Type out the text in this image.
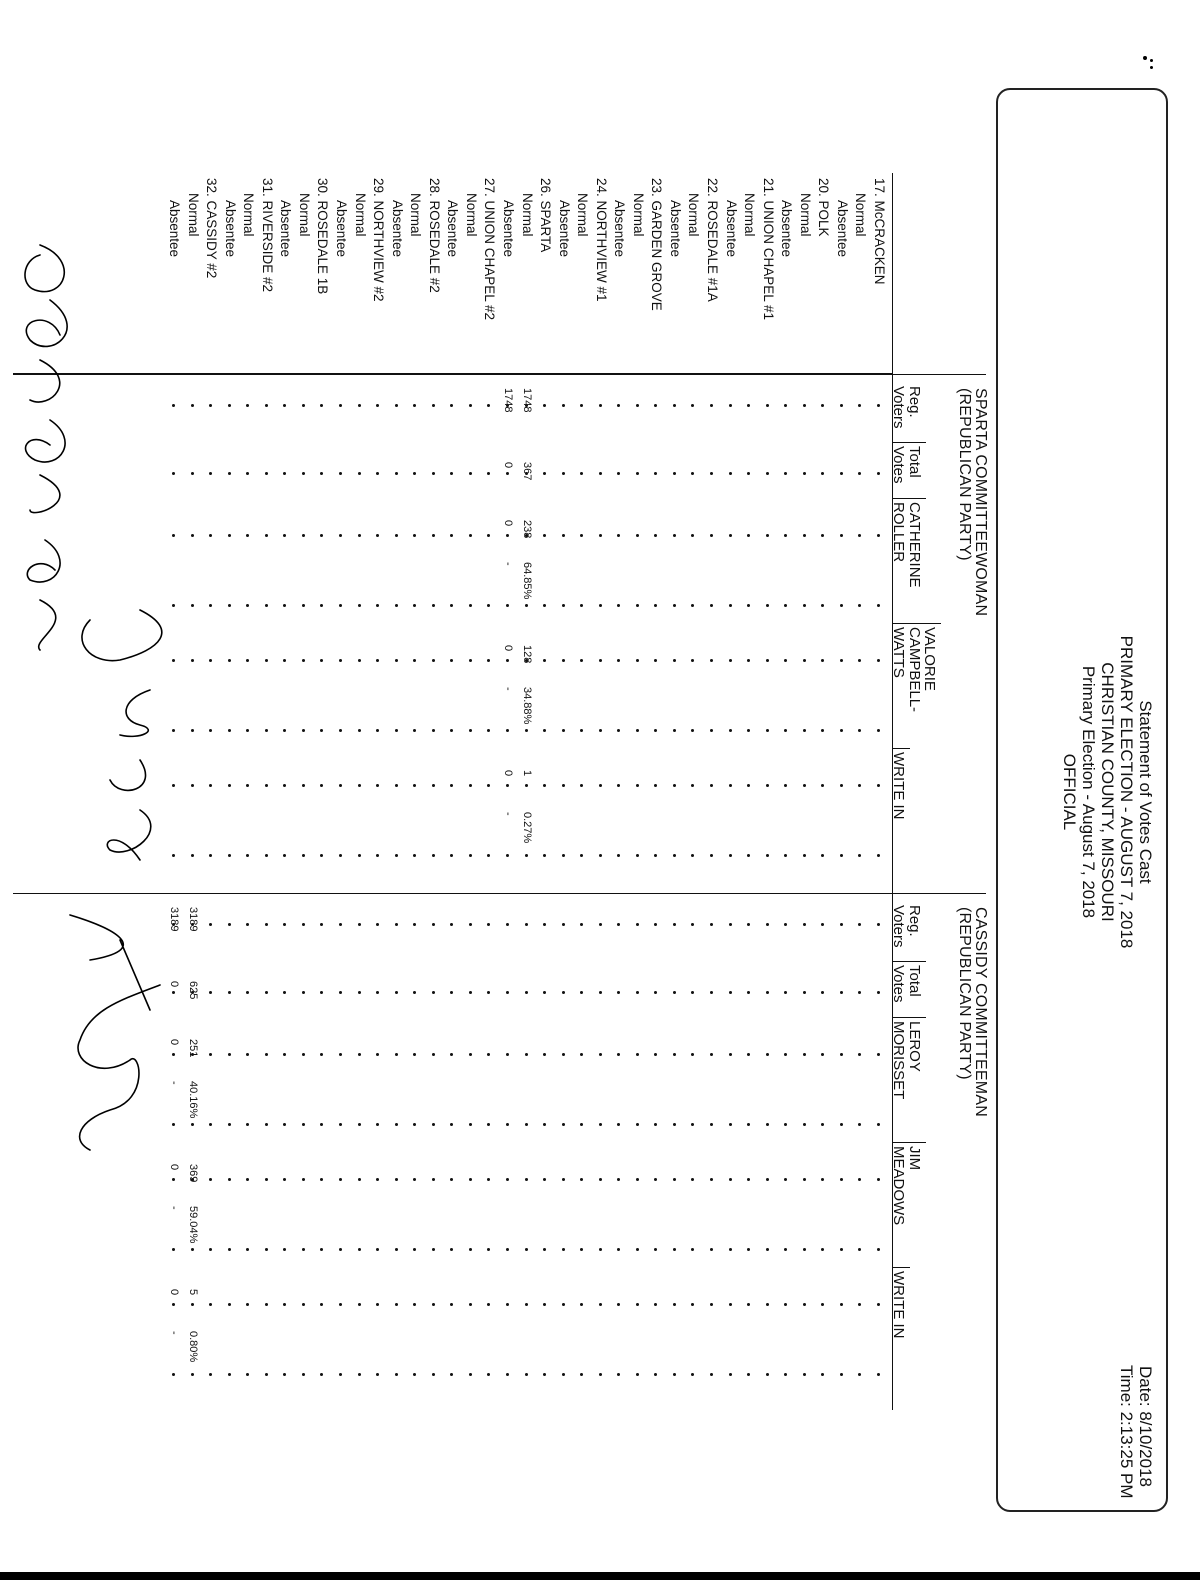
Statement of Votes Cast
PRIMARY ELECTION - AUGUST 7, 2018
CHRISTIAN COUNTY, MISSOURI
Primary Election - August 7, 2018
OFFICIAL
Date: 8/10/2018
Time: 2:13:25 PM
17. McCRACKEN
Normal
Absentee
20. POLK
Normal
Absentee
21. UNION CHAPEL #1
Normal
Absentee
22. ROSEDALE #1A
Normal
Absentee
23. GARDEN GROVE
Normal
Absentee
24. NORTHVIEW #1
Normal
Absentee
26. SPARTA
Normal
Absentee
27. UNION CHAPEL #2
Normal
Absentee
28. ROSEDALE #2
Normal
Absentee
29. NORTHVIEW #2
Normal
Absentee
30. ROSEDALE 1B
Normal
Absentee
31. RIVERSIDE #2
Normal
Absentee
32. CASSIDY #2
Normal
Absentee
SPARTA COMMITTEEWOMAN
(REPUBLICAN PARTY)
Reg.
Voters
Total
Votes
CATHERINE
ROLLER
VALORIE
CAMPBELL-
WATTS
WRITE IN
CASSIDY COMMITTEEMAN
(REPUBLICAN PARTY)
Reg.
Voters
Total
Votes
LEROY
MORISSET
JIM
MEADOWS
WRITE IN
1748
367
238
64.85%
128
34.88%
1
0.27%
1748
0
0
-
0
-
0
-
3189
625
251
40.16%
369
59.04%
5
0.80%
3189
0
0
-
0
-
0
-
